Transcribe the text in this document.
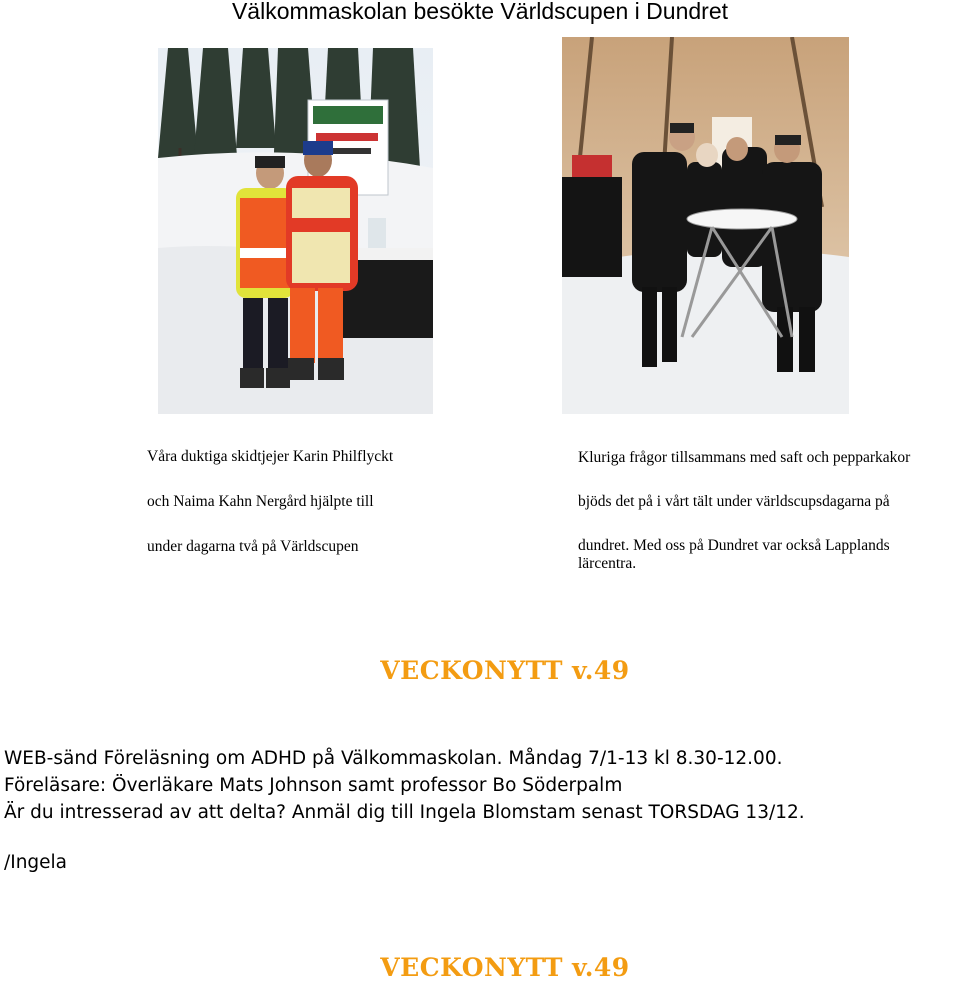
Välkommaskolan besökte Världscupen i Dundret

Våra duktiga skidtjejer Karin Philflyckt

och Naima Kahn Nergård hjälpte till

under dagarna två på Världscupen

Kluriga frågor tillsammans med saft och pepparkakor

bjöds det på i vårt tält under världscupsdagarna på

dundret. Med oss på Dundret var också Lapplands

lärcentra.

VECKONYTT v.49

WEB-sänd Föreläsning om ADHD på Välkommaskolan. Måndag 7/1-13 kl 8.30-12.00.

Föreläsare: Överläkare Mats Johnson samt professor Bo Söderpalm

Är du intresserad av att delta? Anmäl dig till Ingela Blomstam senast TORSDAG 13/12.

/Ingela

VECKONYTT v.49
